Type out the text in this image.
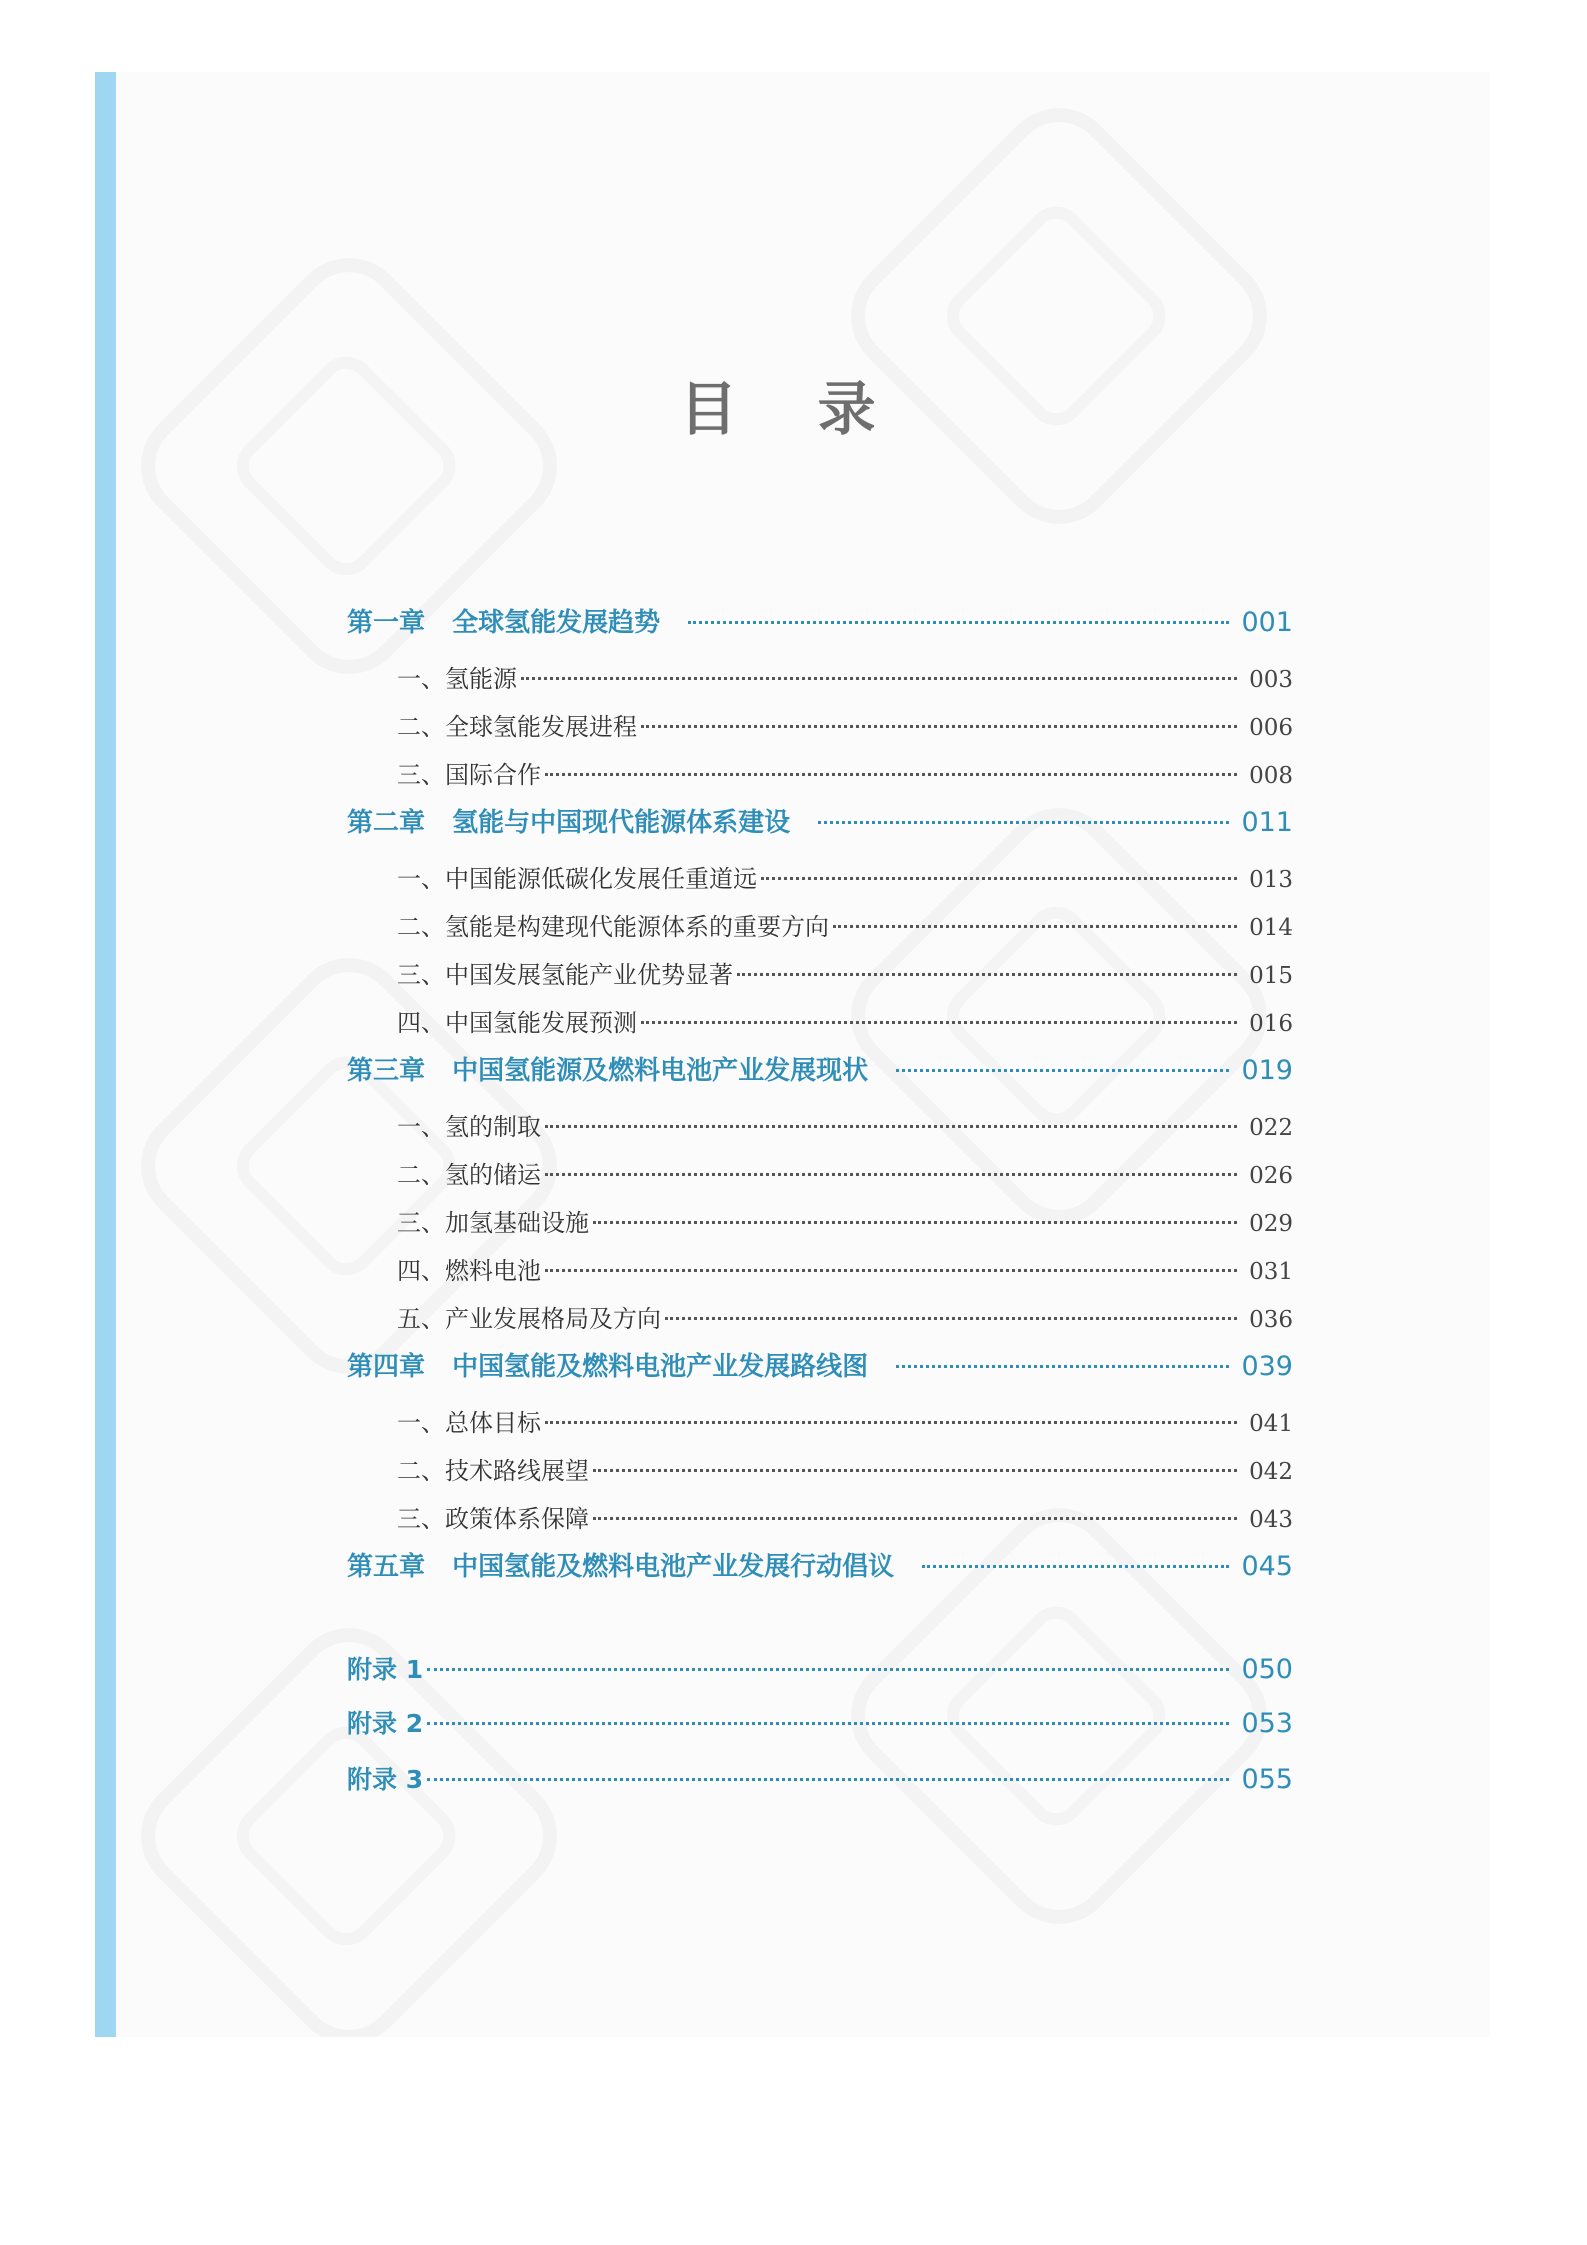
目 录
第一章   全球氢能发展趋势	001
一、氢能源	003
二、全球氢能发展进程	006
三、国际合作	008
第二章   氢能与中国现代能源体系建设	011
一、中国能源低碳化发展任重道远	013
二、氢能是构建现代能源体系的重要方向	014
三、中国发展氢能产业优势显著	015
四、中国氢能发展预测	016
第三章   中国氢能源及燃料电池产业发展现状	019
一、氢的制取	022
二、氢的储运	026
三、加氢基础设施	029
四、燃料电池	031
五、产业发展格局及方向	036
第四章   中国氢能及燃料电池产业发展路线图	039
一、总体目标	041
二、技术路线展望	042
三、政策体系保障	043
第五章   中国氢能及燃料电池产业发展行动倡议	045
附录 1	050
附录 2	053
附录 3	055
